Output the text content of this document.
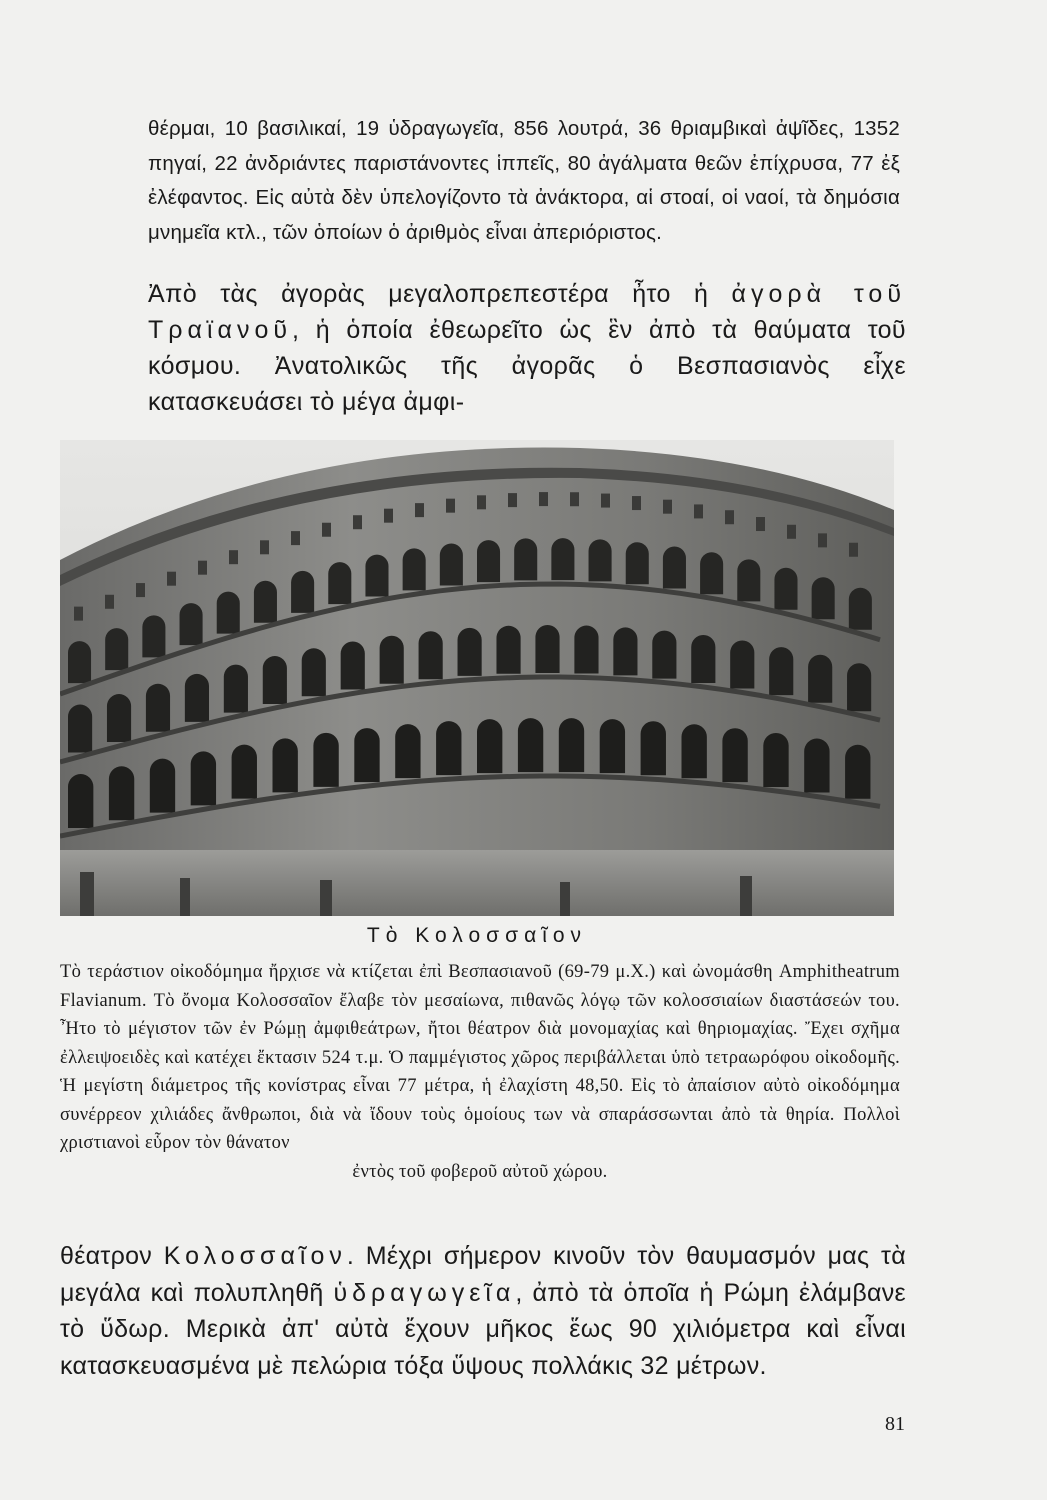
θέρμαι, 10 βασιλικαί, 19 ὑδραγωγεῖα, 856 λουτρά, 36 θριαμβικαὶ ἀψῖδες, 1352 πηγαί, 22 ἀνδριάντες παριστάνοντες ἱππεῖς, 80 ἀγάλματα θεῶν ἐπίχρυσα, 77 ἐξ ἐλέφαντος. Εἰς αὐτὰ δὲν ὑπελογίζοντο τὰ ἀνάκτορα, αἱ στοαί, οἱ ναοί, τὰ δημόσια μνημεῖα κτλ., τῶν ὁποίων ὁ ἀριθμὸς εἶναι ἀπεριόριστος.

Ἀπὸ τὰς ἀγορὰς μεγαλοπρεπεστέρα ἦτο ἡ ἀγορὰ τοῦ Τραϊανοῦ, ἡ ὁποία ἐθεωρεῖτο ὡς ἓν ἀπὸ τὰ θαύματα τοῦ κόσμου. Ἀνατολικῶς τῆς ἀγορᾶς ὁ Βεσπασιανὸς εἶχε κατασκευάσει τὸ μέγα ἀμφι-

Τὸ Κολοσσαῖον
Τὸ τεράστιον οἰκοδόμημα ἤρχισε νὰ κτίζεται ἐπὶ Βεσπασιανοῦ (69-79 μ.Χ.) καὶ ὠνομάσθη Amphitheatrum Flavianum. Τὸ ὄνομα Κολοσσαῖον ἔλαβε τὸν μεσαίωνα, πιθανῶς λόγῳ τῶν κολοσσιαίων διαστάσεών του. Ἦτο τὸ μέγιστον τῶν ἐν Ρώμῃ ἀμφιθεάτρων, ἤτοι θέατρον διὰ μονομαχίας καὶ θηριομαχίας. Ἔχει σχῆμα ἐλλειψοειδὲς καὶ κατέχει ἔκτασιν 524 τ.μ. Ὁ παμμέγιστος χῶρος περιβάλλεται ὑπὸ τετραωρόφου οἰκοδομῆς. Ἡ μεγίστη διάμετρος τῆς κονίστρας εἶναι 77 μέτρα, ἡ ἐλαχίστη 48,50. Εἰς τὸ ἀπαίσιον αὐτὸ οἰκοδόμημα συνέρρεον χιλιάδες ἄνθρωποι, διὰ νὰ ἴδουν τοὺς ὁμοίους των νὰ σπαράσσωνται ἀπὸ τὰ θηρία. Πολλοὶ χριστιανοὶ εὗρον τὸν θάνατον
ἐντὸς τοῦ φοβεροῦ αὐτοῦ χώρου.

θέατρον Κολοσσαῖον. Μέχρι σήμερον κινοῦν τὸν θαυμασμόν μας τὰ μεγάλα καὶ πολυπληθῆ ὑδραγωγεῖα, ἀπὸ τὰ ὁποῖα ἡ Ρώμη ἐλάμβανε τὸ ὕδωρ. Μερικὰ ἀπ' αὐτὰ ἔχουν μῆκος ἕως 90 χιλιόμετρα καὶ εἶναι κατασκευασμένα μὲ πελώρια τόξα ὕψους πολλάκις 32 μέτρων.

81
